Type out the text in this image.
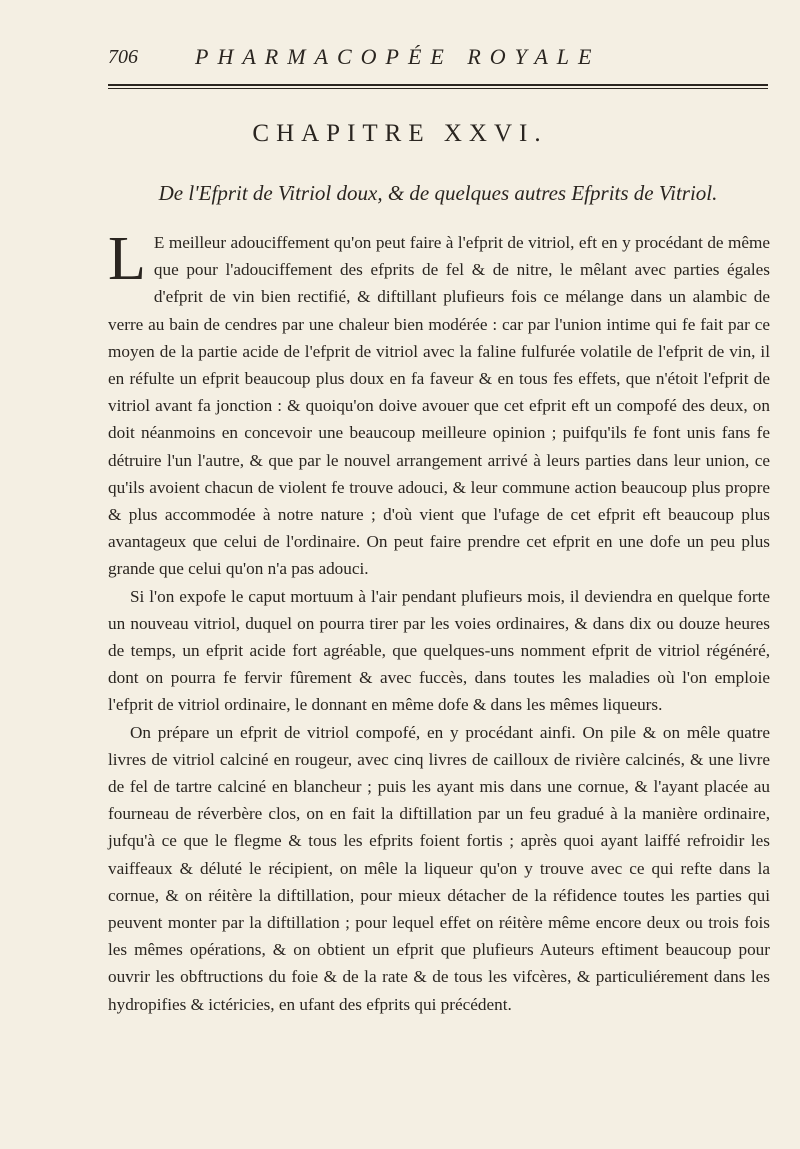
706	PHARMACOPÉE ROYALE
CHAPITRE XXVI.
De l'Efprit de Vitriol doux, & de quelques autres Efprits de Vitriol.

L E meilleur adouciffement qu'on peut faire à l'efprit de vitriol, eft en y procédant de même que pour l'adouciffement des efprits de fel & de nitre, le mêlant avec parties égales d'efprit de vin bien rectifié, & diftillant plufieurs fois ce mélange dans un alambic de verre au bain de cendres par une chaleur bien modérée : car par l'union intime qui fe fait par ce moyen de la partie acide de l'efprit de vitriol avec la faline fulfurée volatile de l'efprit de vin, il en réfulte un efprit beaucoup plus doux en fa faveur & en tous fes effets, que n'étoit l'efprit de vitriol avant fa jonction : & quoiqu'on doive avouer que cet efprit eft un compofé des deux, on doit néanmoins en concevoir une beaucoup meilleure opinion ; puifqu'ils fe font unis fans fe détruire l'un l'autre, & que par le nouvel arrangement arrivé à leurs parties dans leur union, ce qu'ils avoient chacun de violent fe trouve adouci, & leur commune action beaucoup plus propre & plus accommodée à notre nature ; d'où vient que l'ufage de cet efprit eft beaucoup plus avantageux que celui de l'ordinaire. On peut faire prendre cet efprit en une dofe un peu plus grande que celui qu'on n'a pas adouci.

Si l'on expofe le caput mortuum à l'air pendant plufieurs mois, il deviendra en quelque forte un nouveau vitriol, duquel on pourra tirer par les voies ordinaires, & dans dix ou douze heures de temps, un efprit acide fort agréable, que quelques-uns nomment efprit de vitriol régénéré, dont on pourra fe fervir fûrement & avec fuccès, dans toutes les maladies où l'on emploie l'efprit de vitriol ordinaire, le donnant en même dofe & dans les mêmes liqueurs.

On prépare un efprit de vitriol compofé, en y procédant ainfi. On pile & on mêle quatre livres de vitriol calciné en rougeur, avec cinq livres de cailloux de rivière calcinés, & une livre de fel de tartre calciné en blancheur ; puis les ayant mis dans une cornue, & l'ayant placée au fourneau de réverbère clos, on en fait la diftillation par un feu gradué à la manière ordinaire, jufqu'à ce que le flegme & tous les efprits foient fortis ; après quoi ayant laiffé refroidir les vaiffeaux & déluté le récipient, on mêle la liqueur qu'on y trouve avec ce qui refte dans la cornue, & on réitère la diftillation, pour mieux détacher de la réfidence toutes les parties qui peuvent monter par la diftillation ; pour lequel effet on réitère même encore deux ou trois fois les mêmes opérations, & on obtient un efprit que plufieurs Auteurs eftiment beaucoup pour ouvrir les obftructions du foie & de la rate & de tous les vifcères, & particuliérement dans les hydropifies & ictéricies, en ufant des efprits qui précédent.
